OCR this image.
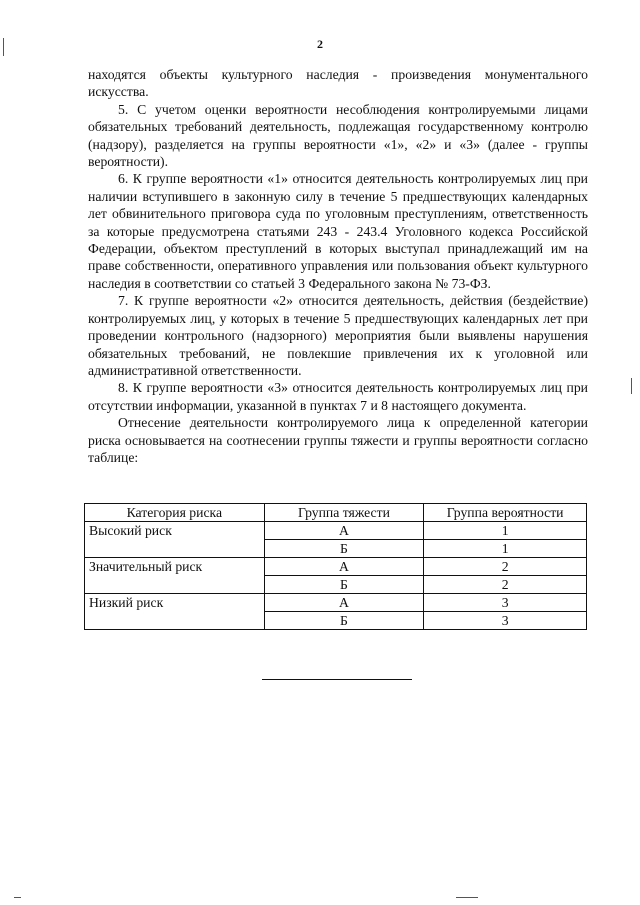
2

находятся объекты культурного наследия - произведения монументального искусства.

5. С учетом оценки вероятности несоблюдения контролируемыми лицами обязательных требований деятельность, подлежащая государственному контролю (надзору), разделяется на группы вероятности «1», «2» и «3» (далее - группы вероятности).

6. К группе вероятности «1» относится деятельность контролируемых лиц при наличии вступившего в законную силу в течение 5 предшествующих календарных лет обвинительного приговора суда по уголовным преступлениям, ответственность за которые предусмотрена статьями 243 - 243.4 Уголовного кодекса Российской Федерации, объектом преступлений в которых выступал принадлежащий им на праве собственности, оперативного управления или пользования объект культурного наследия в соответствии со статьей 3 Федерального закона № 73-ФЗ.

7. К группе вероятности «2» относится деятельность, действия (бездействие) контролируемых лиц, у которых в течение 5 предшествующих календарных лет при проведении контрольного (надзорного) мероприятия были выявлены нарушения обязательных требований, не повлекшие привлечения их к уголовной или административной ответственности.

8. К группе вероятности «3» относится деятельность контролируемых лиц при отсутствии информации, указанной в пунктах 7 и 8 настоящего документа.

Отнесение деятельности контролируемого лица к определенной категории риска основывается на соотнесении группы тяжести и группы вероятности согласно таблице:

Категория риска	Группа тяжести	Группа вероятности
Высокий риск	А	1
	Б	1
Значительный риск	А	2
	Б	2
Низкий риск	А	3
	Б	3
